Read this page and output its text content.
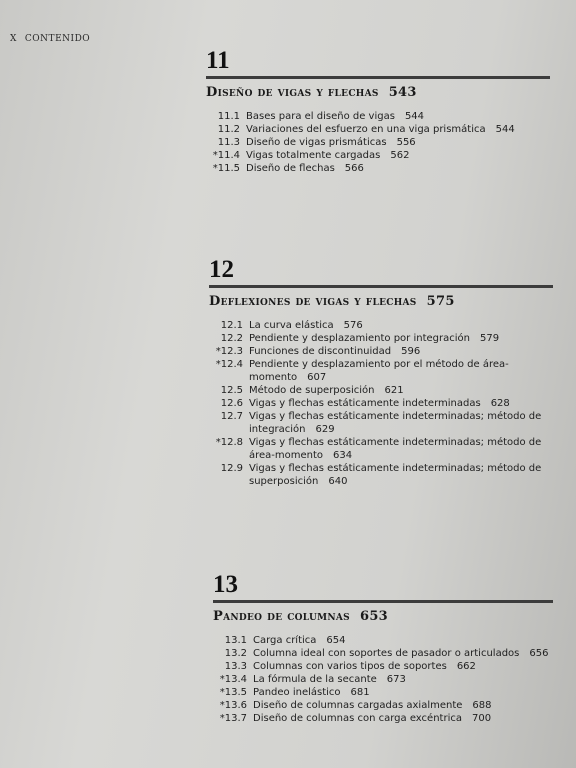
X CONTENIDO
11
Diseño de vigas y flechas 543
11.1 Bases para el diseño de vigas 544
11.2 Variaciones del esfuerzo en una viga prismática 544
11.3 Diseño de vigas prismáticas 556
*11.4 Vigas totalmente cargadas 562
*11.5 Diseño de flechas 566
12
Deflexiones de vigas y flechas 575
12.1 La curva elástica 576
12.2 Pendiente y desplazamiento por integración 579
*12.3 Funciones de discontinuidad 596
*12.4 Pendiente y desplazamiento por el método de área-momento 607
12.5 Método de superposición 621
12.6 Vigas y flechas estáticamente indeterminadas 628
12.7 Vigas y flechas estáticamente indeterminadas; método de integración 629
*12.8 Vigas y flechas estáticamente indeterminadas; método de área-momento 634
12.9 Vigas y flechas estáticamente indeterminadas; método de superposición 640
13
Pandeo de columnas 653
13.1 Carga crítica 654
13.2 Columna ideal con soportes de pasador o articulados 656
13.3 Columnas con varios tipos de soportes 662
*13.4 La fórmula de la secante 673
*13.5 Pandeo inelástico 681
*13.6 Diseño de columnas cargadas axialmente 688
*13.7 Diseño de columnas con carga excéntrica 700
